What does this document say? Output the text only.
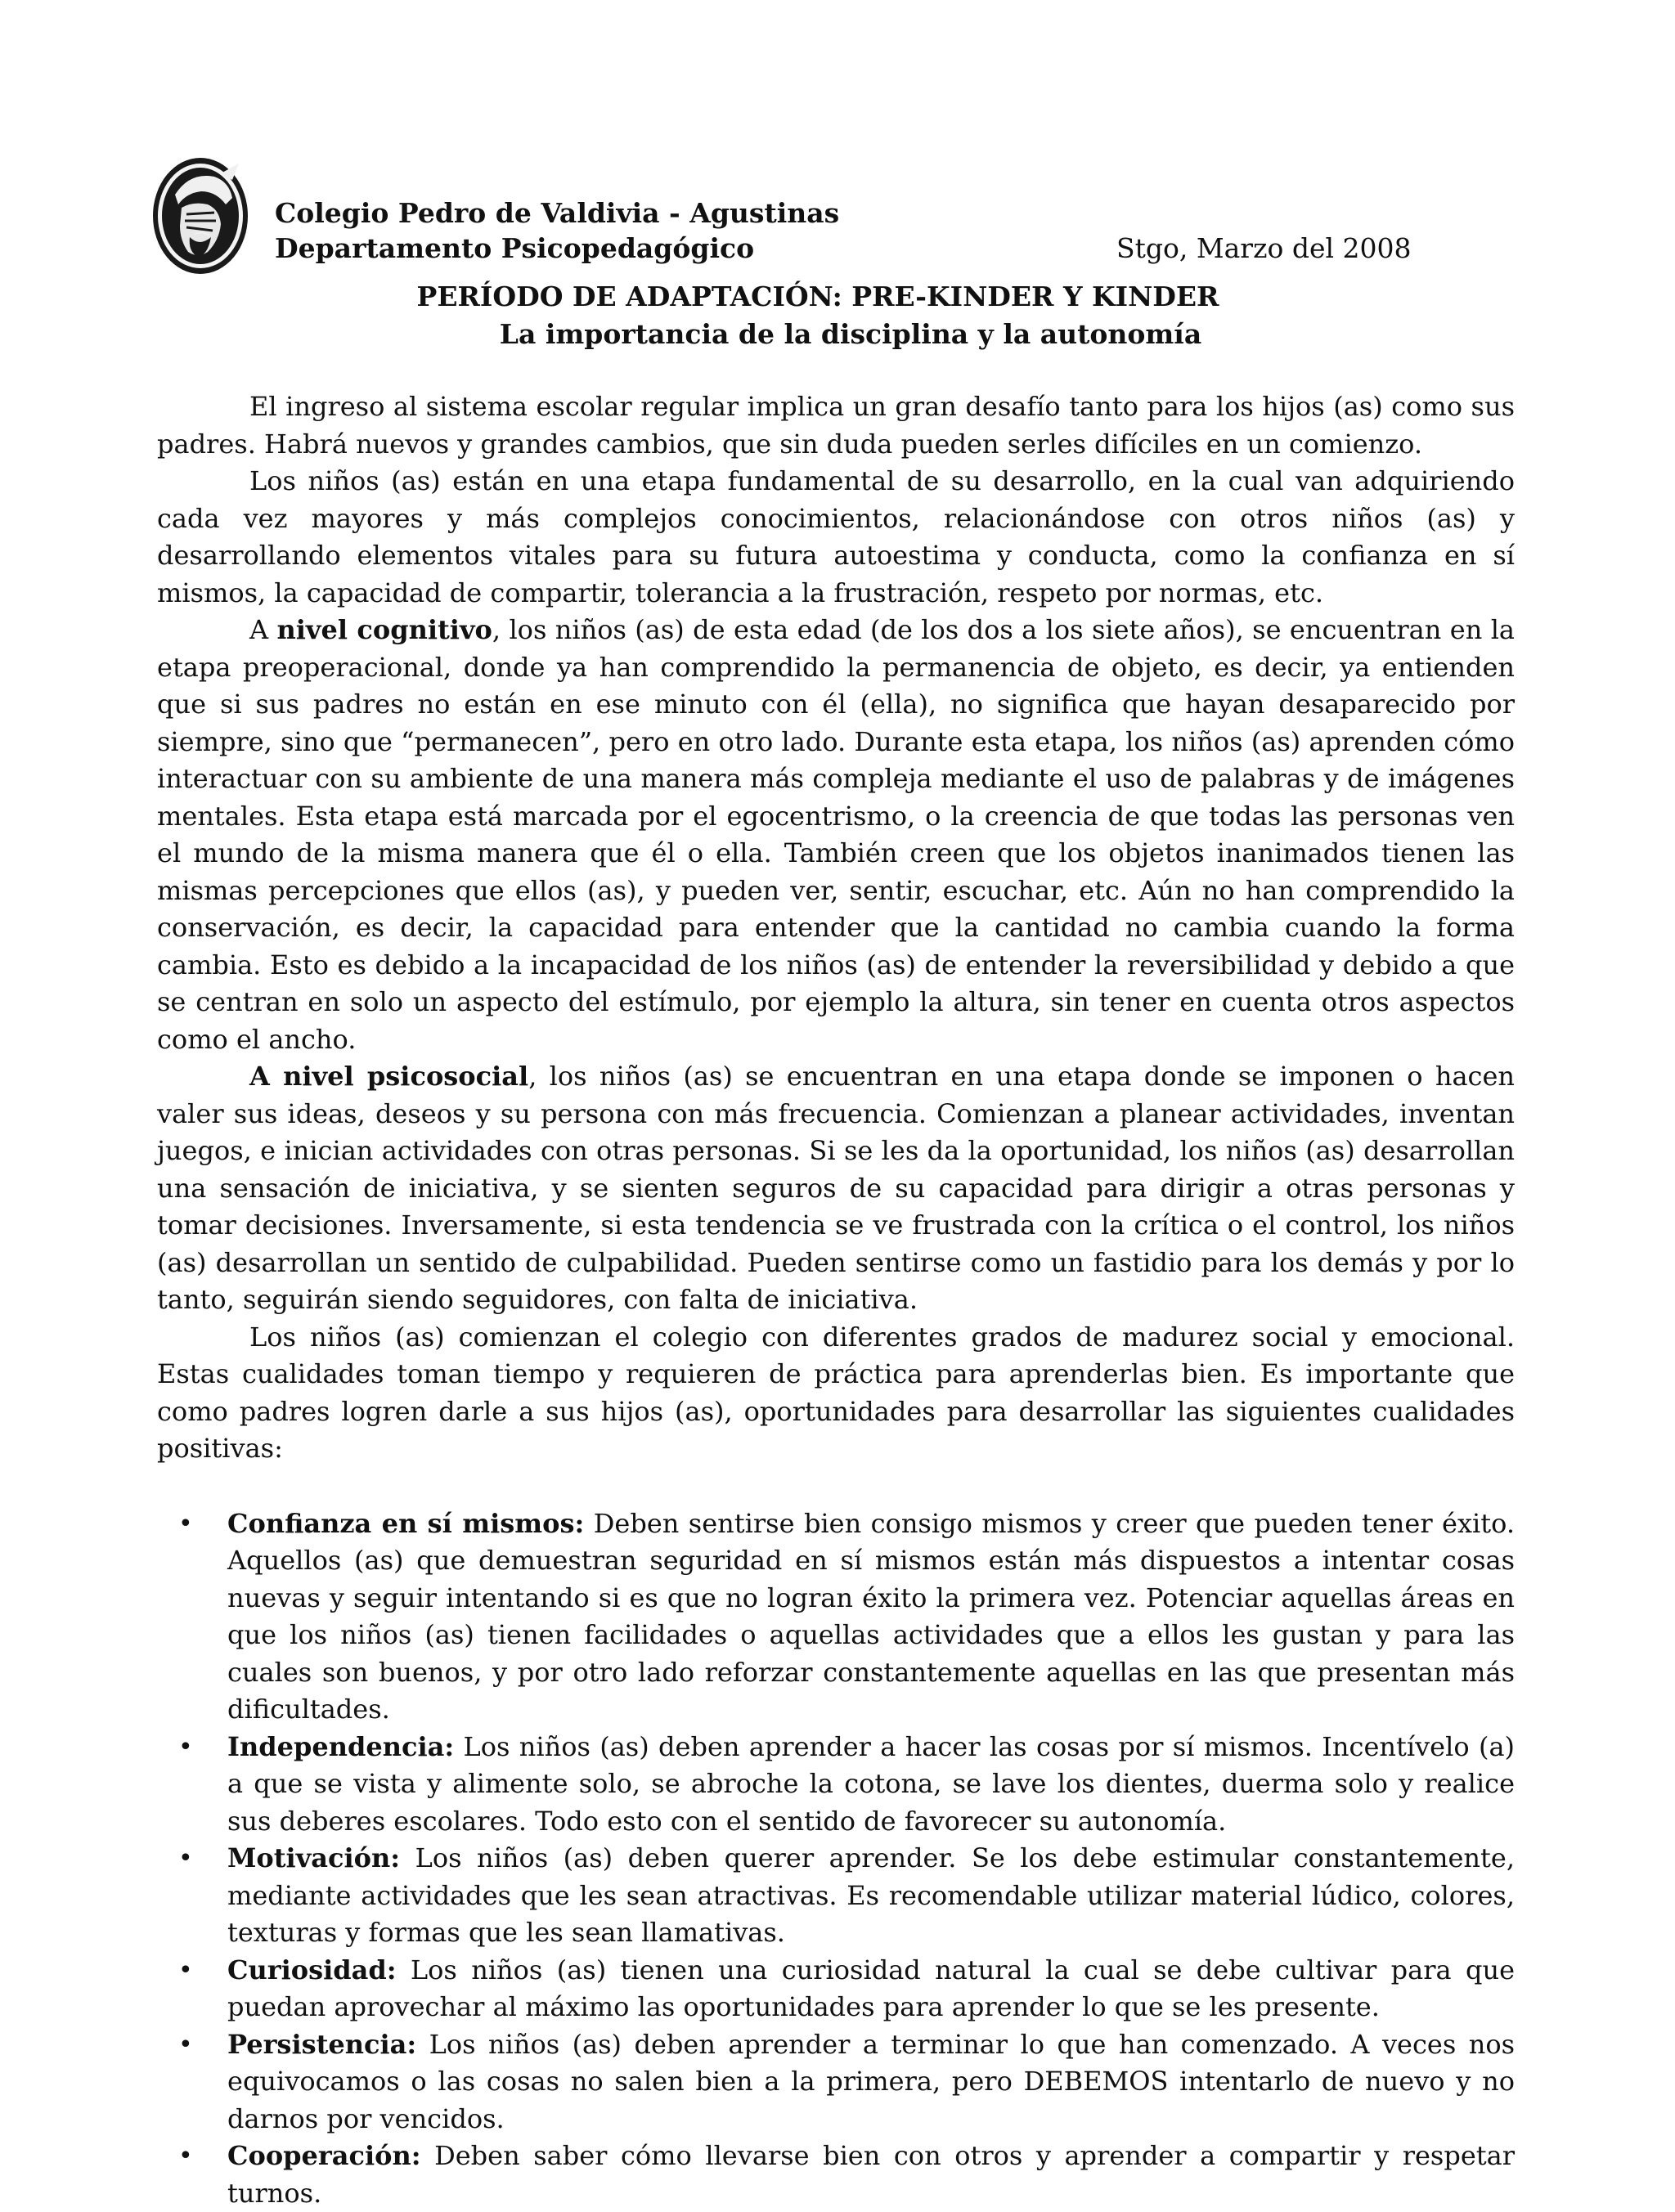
Colegio Pedro de Valdivia - Agustinas
Departamento Psicopedagógico	Stgo, Marzo del 2008
PERÍODO DE ADAPTACIÓN: PRE-KINDER Y KINDER
La importancia de la disciplina y la autonomía

El ingreso al sistema escolar regular implica un gran desafío tanto para los hijos (as) como sus padres. Habrá nuevos y grandes cambios, que sin duda pueden serles difíciles en un comienzo.

Los niños (as) están en una etapa fundamental de su desarrollo, en la cual van adquiriendo cada vez mayores y más complejos conocimientos, relacionándose con otros niños (as) y desarrollando elementos vitales para su futura autoestima y conducta, como la confianza en sí mismos, la capacidad de compartir, tolerancia a la frustración, respeto por normas, etc.

A nivel cognitivo, los niños (as) de esta edad (de los dos a los siete años), se encuentran en la etapa preoperacional, donde ya han comprendido la permanencia de objeto, es decir, ya entienden que si sus padres no están en ese minuto con él (ella), no significa que hayan desaparecido por siempre, sino que “permanecen”, pero en otro lado. Durante esta etapa, los niños (as) aprenden cómo interactuar con su ambiente de una manera más compleja mediante el uso de palabras y de imágenes mentales. Esta etapa está marcada por el egocentrismo, o la creencia de que todas las personas ven el mundo de la misma manera que él o ella. También creen que los objetos inanimados tienen las mismas percepciones que ellos (as), y pueden ver, sentir, escuchar, etc. Aún no han comprendido la conservación, es decir, la capacidad para entender que la cantidad no cambia cuando la forma cambia. Esto es debido a la incapacidad de los niños (as) de entender la reversibilidad y debido a que se centran en solo un aspecto del estímulo, por ejemplo la altura, sin tener en cuenta otros aspectos como el ancho.

A nivel psicosocial, los niños (as) se encuentran en una etapa donde se imponen o hacen valer sus ideas, deseos y su persona con más frecuencia. Comienzan a planear actividades, inventan juegos, e inician actividades con otras personas. Si se les da la oportunidad, los niños (as) desarrollan una sensación de iniciativa, y se sienten seguros de su capacidad para dirigir a otras personas y tomar decisiones. Inversamente, si esta tendencia se ve frustrada con la crítica o el control, los niños (as) desarrollan un sentido de culpabilidad. Pueden sentirse como un fastidio para los demás y por lo tanto, seguirán siendo seguidores, con falta de iniciativa.

Los niños (as) comienzan el colegio con diferentes grados de madurez social y emocional. Estas cualidades toman tiempo y requieren de práctica para aprenderlas bien. Es importante que como padres logren darle a sus hijos (as), oportunidades para desarrollar las siguientes cualidades positivas:

• Confianza en sí mismos: Deben sentirse bien consigo mismos y creer que pueden tener éxito. Aquellos (as) que demuestran seguridad en sí mismos están más dispuestos a intentar cosas nuevas y seguir intentando si es que no logran éxito la primera vez. Potenciar aquellas áreas en que los niños (as) tienen facilidades o aquellas actividades que a ellos les gustan y para las cuales son buenos, y por otro lado reforzar constantemente aquellas en las que presentan más dificultades.
• Independencia: Los niños (as) deben aprender a hacer las cosas por sí mismos. Incentívelo (a) a que se vista y alimente solo, se abroche la cotona, se lave los dientes, duerma solo y realice sus deberes escolares. Todo esto con el sentido de favorecer su autonomía.
• Motivación: Los niños (as) deben querer aprender. Se los debe estimular constantemente, mediante actividades que les sean atractivas. Es recomendable utilizar material lúdico, colores, texturas y formas que les sean llamativas.
• Curiosidad: Los niños (as) tienen una curiosidad natural la cual se debe cultivar para que puedan aprovechar al máximo las oportunidades para aprender lo que se les presente.
• Persistencia: Los niños (as) deben aprender a terminar lo que han comenzado. A veces nos equivocamos o las cosas no salen bien a la primera, pero DEBEMOS intentarlo de nuevo y no darnos por vencidos.
• Cooperación: Deben saber cómo llevarse bien con otros y aprender a compartir y respetar turnos.
